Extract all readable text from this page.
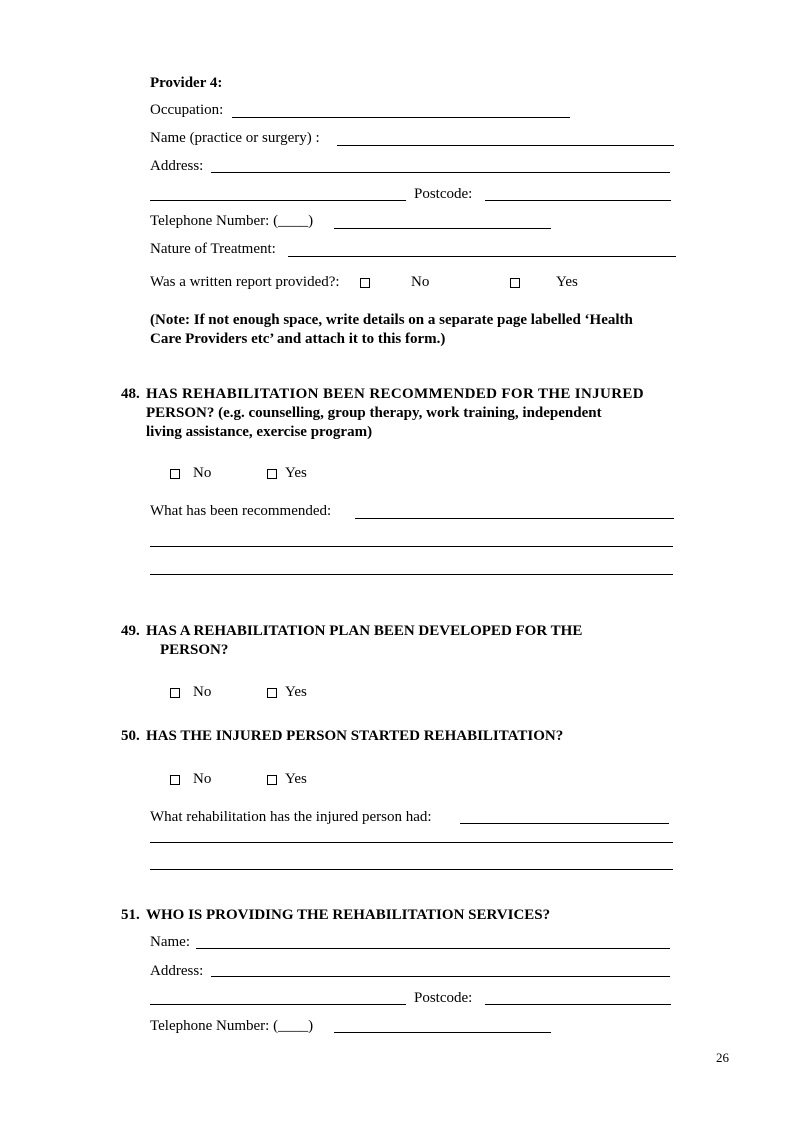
Provider 4:
Occupation:
Name (practice or surgery) :
Address:
Postcode:
Telephone Number: (____)
Nature of Treatment:
Was a written report provided?:	No	Yes
(Note: If not enough space, write details on a separate page labelled ‘Health
Care Providers etc’ and attach it to this form.)
48. HAS REHABILITATION BEEN RECOMMENDED FOR THE INJURED
PERSON? (e.g. counselling, group therapy, work training, independent
living assistance, exercise program)
No	Yes
What has been recommended:
49. HAS A REHABILITATION PLAN BEEN DEVELOPED FOR THE
PERSON?
No	Yes
50. HAS THE INJURED PERSON STARTED REHABILITATION?
No	Yes
What rehabilitation has the injured person had:
51. WHO IS PROVIDING THE REHABILITATION SERVICES?
Name:
Address:
Postcode:
Telephone Number: (____)
26
